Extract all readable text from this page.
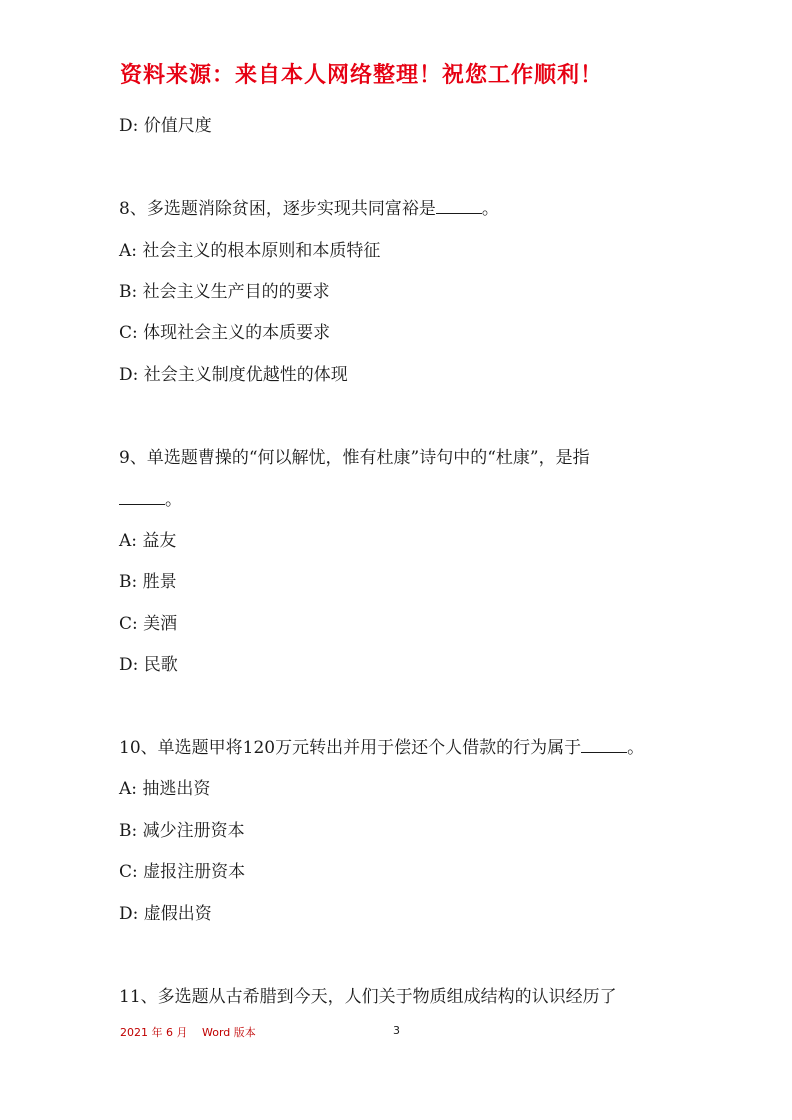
资料来源：来自本人网络整理！祝您工作顺利！
D: 价值尺度
8、多选题消除贫困，逐步实现共同富裕是	。
A: 社会主义的根本原则和本质特征
B: 社会主义生产目的的要求
C: 体现社会主义的本质要求
D: 社会主义制度优越性的体现
9、单选题曹操的“何以解忧，惟有杜康”诗句中的“杜康”，是指
。
A: 益友
B: 胜景
C: 美酒
D: 民歌
10、单选题甲将120万元转出并用于偿还个人借款的行为属于	。
A: 抽逃出资
B: 减少注册资本
C: 虚报注册资本
D: 虚假出资
11、多选题从古希腊到今天，人们关于物质组成结构的认识经历了
2021 年 6 月 Word 版本	3
